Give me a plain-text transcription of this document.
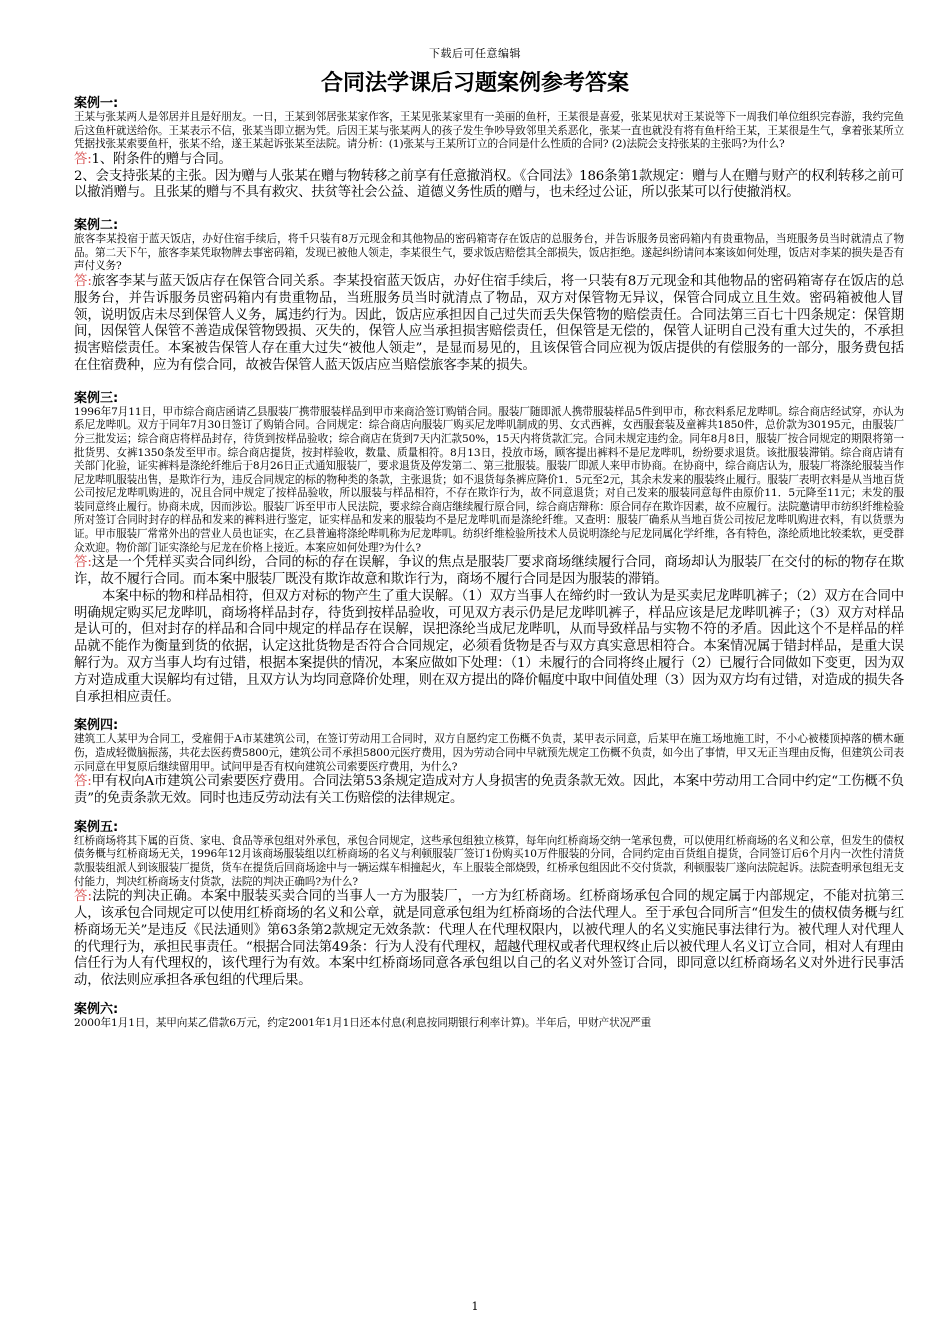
下载后可任意编辑
合同法学课后习题案例参考答案
案例一:
王某与张某两人是邻居并且是好朋友。一日，王某到邻居张某家作客，王某见张某家里有一美丽的鱼杆，王某很是喜爱，张某见状对王某说等下一周我们单位组织完春游，我约完鱼后这鱼杆就送给你。王某表示不信，张某当即立据为凭。后因王某与张某两人的孩子发生争吵导致邻里关系恶化，张某一直也就没有将有鱼杆给王某，王某很是生气，拿着张某所立凭据找张某索要鱼杆，张某不给，遂王某起诉张某至法院。请分析：(1)张某与王某所订立的合同是什么性质的合同? (2)法院会支持张某的主张吗?为什么?
答:1、附条件的赠与合同。
2、会支持张某的主张。因为赠与人张某在赠与物转移之前享有任意撤消权。《合同法》186条第1款规定：赠与人在赠与财产的权利转移之前可以撤消赠与。且张某的赠与不具有救灾、扶贫等社会公益、道德义务性质的赠与，也未经过公证，所以张某可以行使撤消权。
案例二:
旅客李某投宿于蓝天饭店，办好住宿手续后，将千只装有8万元现金和其他物品的密码箱寄存在饭店的总服务台，并告诉服务员密码箱内有贵重物品，当班服务员当时就清点了物品。第二天下午，旅客李某凭取物牌去事密码箱，发现已被他人领走，李某很生气，要求饭店赔偿其全部损失，饭店拒绝。遂起纠纷请问本案该如何处理，饭店对李某的损失是否有声付义务?
答:旅客李某与蓝天饭店存在保管合同关系。李某投宿蓝天饭店，办好住宿手续后，将一只装有8万元现金和其他物品的密码箱寄存在饭店的总服务台，并告诉服务员密码箱内有贵重物品，当班服务员当时就清点了物品，双方对保管物无异议，保管合同成立且生效。密码箱被他人冒领，说明饭店未尽到保管人义务，属违约行为。因此，饭店应承担因自己过失而丢失保管物的赔偿责任。合同法第三百七十四条规定：保管期间，因保管人保管不善造成保管物毁损、灭失的，保管人应当承担损害赔偿责任，但保管是无偿的，保管人证明自己没有重大过失的，不承担损害赔偿责任。本案被告保管人存在重大过失“被他人领走”，是显而易见的，且该保管合同应视为饭店提供的有偿服务的一部分，服务费包括在住宿费种，应为有偿合同，故被告保管人蓝天饭店应当赔偿旅客李某的损失。
案例三:
1996年7月11日，甲市综合商店函请乙县服装厂携带服装样品到甲市来商洽签订购销合同。服装厂随即派人携带服装样品5件到甲市，称衣料系尼龙哔叽。综合商店经试穿，亦认为系尼龙哔叽。双方于同年7月30日签订了购销合同。合同规定：综合商店向服装厂购买尼龙哔叽制成的男、女式西裤，女西服套装及童裤共1850件，总价款为30195元，由服装厂分三批发运；综合商店将样品封存，待货到按样品验收；综合商店在货到7天内汇款50%，15天内将货款汇完。合同未规定违约金。同年8月8日，服装厂按合同规定的期限将第一批货男、女裤1350条发至甲市。综合商店提货，按封样验收，数量、质量相符。8月13日，投放市场，顾客提出裤料不是尼龙哔叽，纷纷要求退货。该批服装滞销。综合商店请有关部门化验，证实裤料是涤纶纤维后于8月26日正式通知服装厂，要求退货及停发第二、第三批服装。服装厂即派人来甲市协商。在协商中，综合商店认为，服装厂将涤纶服装当作尼龙哔叽服装出售，是欺诈行为，违反合同规定的标的物种类的条款，主张退货；如不退货每条裤应降价1．5元至2元，其余未发来的服装终止履行。服装厂表明衣料是从当地百货公司按尼龙哔叽购进的，况且合同中规定了按样品验收，所以服装与样品相符，不存在欺诈行为，故不同意退货；对自己发来的服装同意每件由原价11．5元降至11元；未发的服装同意终止履行。协商未成，因而涉讼。服装厂诉至甲市人民法院，要求综合商店继续履行原合同，综合商店辩称：原合同存在欺诈因素，故不应履行。法院邀请甲市纺织纤维检验所对签订合同时封存的样品和发来的裤料进行鉴定，证实样品和发来的服装均不是尼龙哔叽而是涤纶纤维。又查明：服装厂确系从当地百货公司按尼龙哔叽购进衣料，有以货票为证。甲市服装厂常常外出的营业人员也证实，在乙县普遍将涤纶哔叽称为尼龙哔叽。纺织纤维检验所技术人员说明涤纶与尼龙同属化学纤维，各有特色，涤纶质地比较柔软，更受群众欢迎。物价部门证实涤纶与尼龙在价格上接近。本案应如何处理?为什么?
答:这是一个凭样买卖合同纠纷，合同的标的存在误解，争议的焦点是服装厂要求商场继续履行合同，商场却认为服装厂在交付的标的物存在欺诈，故不履行合同。而本案中服装厂既没有欺诈故意和欺诈行为，商场不履行合同是因为服装的滞销。
本案中标的物和样品相符，但双方对标的物产生了重大误解。（1）双方当事人在缔约时一致认为是买卖尼龙哔叽裤子；（2）双方在合同中明确规定购买尼龙哔叽，商场将样品封存，待货到按样品验收，可见双方表示仍是尼龙哔叽裤子，样品应该是尼龙哔叽裤子；（3）双方对样品是认可的，但对封存的样品和合同中规定的样品存在误解，误把涤纶当成尼龙哔叽，从而导致样品与实物不符的矛盾。因此这个不是样品的样品就不能作为衡量到货的依据，认定这批货物是否符合合同规定，必须看货物是否与双方真实意思相符合。本案情况属于错封样品，是重大误解行为。双方当事人均有过错，根据本案提供的情况，本案应做如下处理：（1）未履行的合同将终止履行（2）已履行合同做如下变更，因为双方对造成重大误解均有过错，且双方认为均同意降价处理，则在双方提出的降价幅度中取中间值处理（3）因为双方均有过错，对造成的损失各自承担相应责任。
案例四:
建筑工人某甲为合同工，受雇佣于A市某建筑公司，在签订劳动用工合同时，双方自愿约定工伤概不负责，某甲表示同意，后某甲在施工场地施工时，不小心被楼顶掉落的横木砸伤，造成轻微脑振荡，共花去医药费5800元，建筑公司不承担5800元医疗费用，因为劳动合同中早就预先规定工伤概不负责，如今出了事情，甲又无正当理由反悔，但建筑公司表示同意在甲复原后继续留用甲。试问甲是否有权向建筑公司索要医疗费用，为什么?
答:甲有权向A市建筑公司索要医疗费用。合同法第53条规定造成对方人身损害的免责条款无效。因此，本案中劳动用工合同中约定“工伤概不负责”的免责条款无效。同时也违反劳动法有关工伤赔偿的法律规定。
案例五:
红桥商场将其下属的百货、家电、食品等承包组对外承包，承包合同规定，这些承包组独立核算，每年向红桥商场交纳一笔承包费，可以使用红桥商场的名义和公章，但发生的债权债务概与红桥商场无关，1996年12月该商场服装组以红桥商场的名义与利顿服装厂签订1份购买10万件服装的分同，合同约定由百货组自提货，合同签订后6个月内一次性付清货款服装组派人到该服装厂提货，货车在提货后回商场途中与一辆运煤车相撞起火，车上服装全部烧毁，红桥承包组因此不交付货款，利顿服装厂遂向法院起诉。法院查明承包组无支付能力，判决红桥商场支付货款，法院的判决正确吗?为什么?
答:法院的判决正确。本案中服装买卖合同的当事人一方为服装厂，一方为红桥商场。红桥商场承包合同的规定属于内部规定，不能对抗第三人，该承包合同规定可以使用红桥商场的名义和公章，就是同意承包组为红桥商场的合法代理人。至于承包合同所言“但发生的债权债务概与红桥商场无关”是违反《民法通则》第63条第2款规定无效条款：代理人在代理权限内，以被代理人的名义实施民事法律行为。被代理人对代理人的代理行为，承担民事责任。“根据合同法第49条：行为人没有代理权，超越代理权或者代理权终止后以被代理人名义订立合同，相对人有理由信任行为人有代理权的，该代理行为有效。本案中红桥商场同意各承包组以自己的名义对外签订合同，即同意以红桥商场名义对外进行民事活动，依法则应承担各承包组的代理后果。
案例六:
2000年1月1日，某甲向某乙借款6万元，约定2001年1月1日还本付息(利息按同期银行利率计算)。半年后，甲财产状况严重
1
